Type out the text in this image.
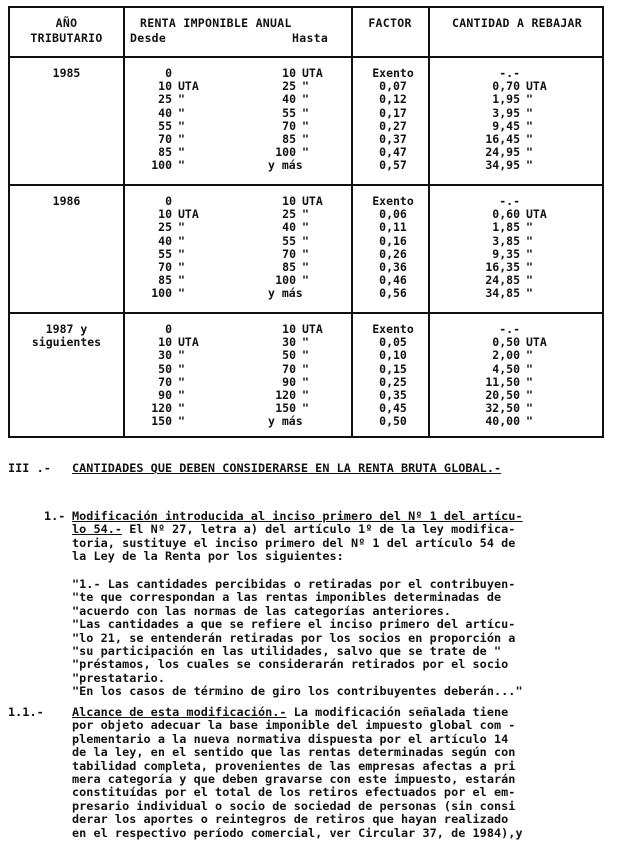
AÑO
TRIBUTARIO
RENTA IMPONIBLE ANUAL
Desde	Hasta
FACTOR	CANTIDAD A REBAJAR
1985	0	10 UTA	Exento	-.-
10 UTA	25 "	0,07	0,70 UTA
25 "	40 "	0,12	1,95 "
40 "	55 "	0,17	3,95 "
55 "	70 "	0,27	9,45 "
70 "	85 "	0,37	16,45 "
85 "	100 "	0,47	24,95 "
100 "	y más	0,57	34,95 "
1986	0	10 UTA	Exento	-.-
10 UTA	25 "	0,06	0,60 UTA
25 "	40 "	0,11	1,85 "
40 "	55 "	0,16	3,85 "
55 "	70 "	0,26	9,35 "
70 "	85 "	0,36	16,35 "
85 "	100 "	0,46	24,85 "
100 "	y más	0,56	34,85 "
1987 y
siguientes
0	10 UTA	Exento	-.-
10 UTA	30 "	0,05	0,50 UTA
30 "	50 "	0,10	2,00 "
50 "	70 "	0,15	4,50 "
70 "	90 "	0,25	11,50 "
90 "	120 "	0,35	20,50 "
120 "	150 "	0,45	32,50 "
150 "	y más	0,50	40,00 "
III .- CANTIDADES QUE DEBEN CONSIDERARSE EN LA RENTA BRUTA GLOBAL.-
1.- Modificación introducida al inciso primero del Nº 1 del artícu-
lo 54.- El Nº 27, letra a) del artículo 1º de la ley modifica-
toria, sustituye el inciso primero del Nº 1 del artículo 54 de
la Ley de la Renta por los siguientes:
"1.- Las cantidades percibidas o retiradas por el contribuyen-
"te que correspondan a las rentas imponibles determinadas de
"acuerdo con las normas de las categorías anteriores.
"Las cantidades a que se refiere el inciso primero del artícu-
"lo 21, se entenderán retiradas por los socios en proporción a
"su participación en las utilidades, salvo que se trate de "
"préstamos, los cuales se considerarán retirados por el socio
"prestatario.
"En los casos de término de giro los contribuyentes deberán..."
1.1.- Alcance de esta modificación.- La modificación señalada tiene
por objeto adecuar la base imponible del impuesto global com -
plementario a la nueva normativa dispuesta por el artículo 14
de la ley, en el sentido que las rentas determinadas según con
tabilidad completa, provenientes de las empresas afectas a pri
mera categoría y que deben gravarse con este impuesto, estarán
constituídas por el total de los retiros efectuados por el em-
presario individual o socio de sociedad de personas (sin consi
derar los aportes o reintegros de retiros que hayan realizado
en el respectivo período comercial, ver Circular 37, de 1984),y
